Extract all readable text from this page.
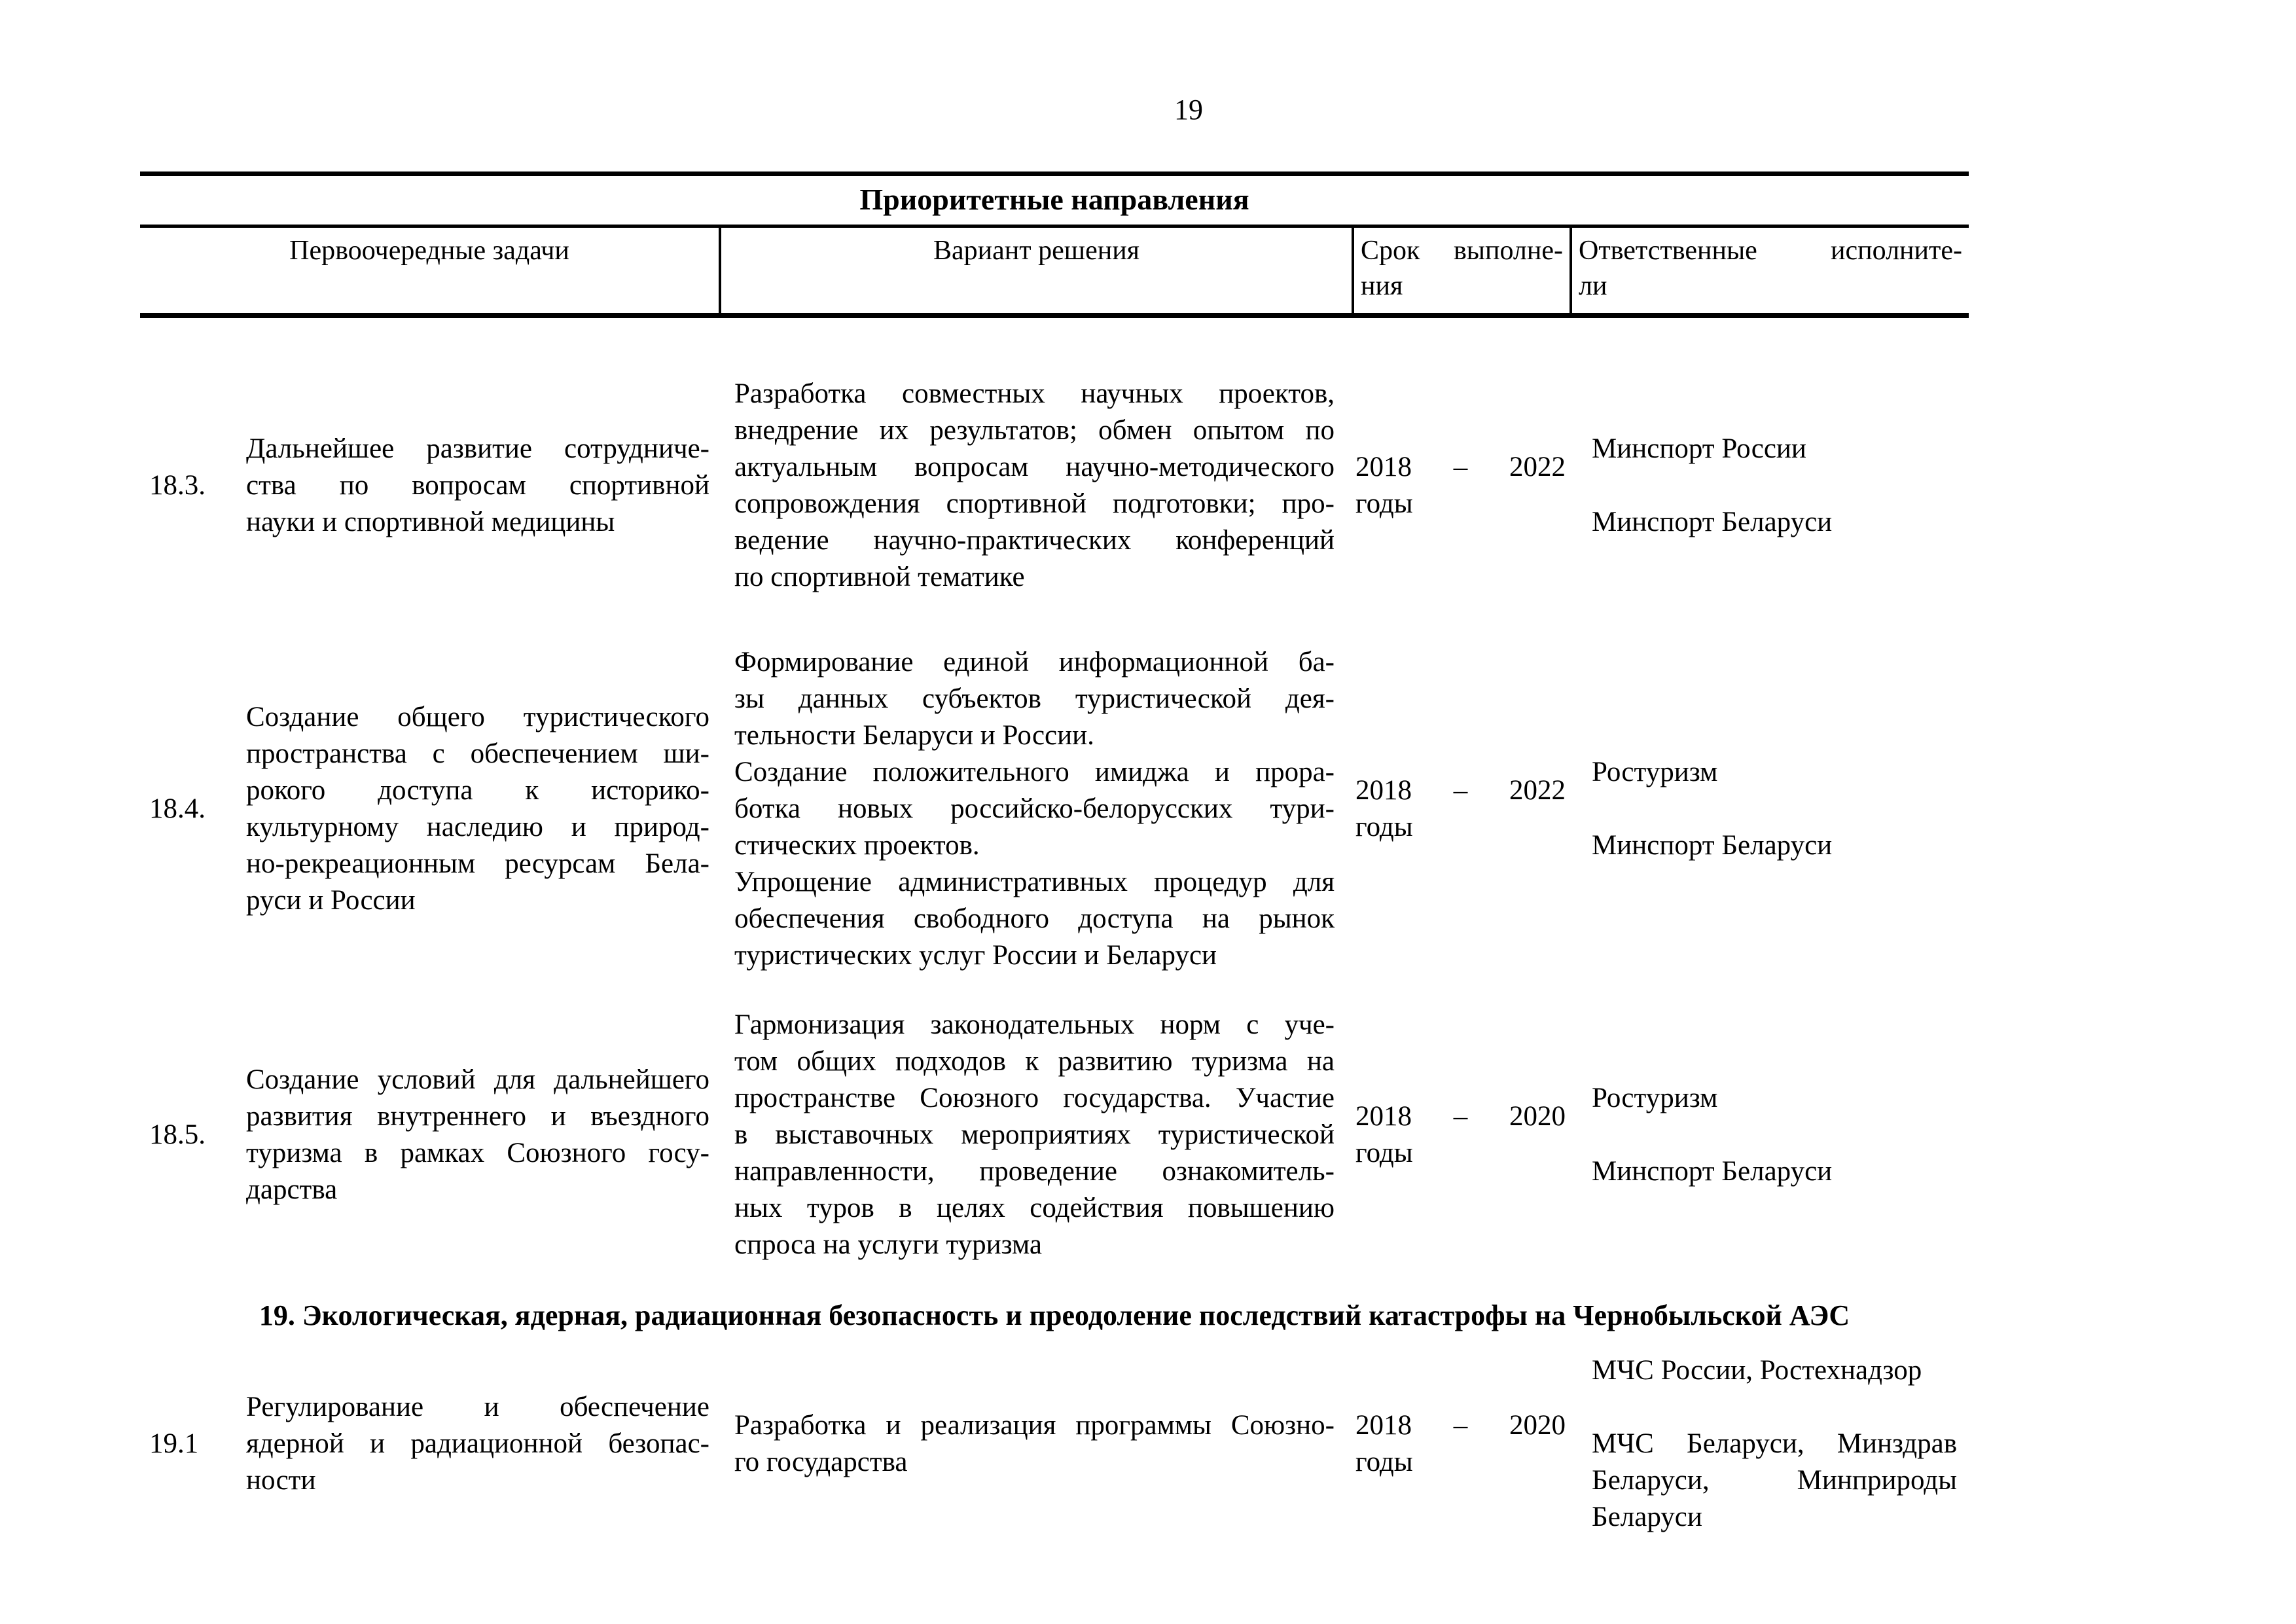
19
Приоритетные направления
Первоочередные задачи	Вариант решения	Срок выполне-
ния
Ответственные исполните-
ли
18.3.
Дальнейшее развитие сотрудниче-
ства по вопросам спортивной
науки и спортивной медицины
Разработка совместных научных проектов,
внедрение их результатов; обмен опытом по
актуальным вопросам научно-методического
сопровождения спортивной подготовки; про-
ведение научно-практических конференций
по спортивной тематике
2018 – 2022
годы
Минспорт России
Минспорт Беларуси
18.4.
Создание общего туристического
пространства с обеспечением ши-
рокого доступа к историко-
культурному наследию и природ-
но-рекреационным ресурсам Бела-
руси и России
Формирование единой информационной ба-
зы данных субъектов туристической дея-
тельности Беларуси и России.
Создание положительного имиджа и прора-
ботка новых российско-белорусских тури-
стических проектов.
Упрощение административных процедур для
обеспечения свободного доступа на рынок
туристических услуг России и Беларуси
2018 – 2022
годы
Ростуризм
Минспорт Беларуси
18.5.
Создание условий для дальнейшего
развития внутреннего и въездного
туризма в рамках Союзного госу-
дарства
Гармонизация законодательных норм с уче-
том общих подходов к развитию туризма на
пространстве Союзного государства. Участие
в выставочных мероприятиях туристической
направленности, проведение ознакомитель-
ных туров в целях содействия повышению
спроса на услуги туризма
2018 – 2020
годы
Ростуризм
Минспорт Беларуси
19. Экологическая, ядерная, радиационная безопасность и преодоление последствий катастрофы на Чернобыльской АЭС
19.1
Регулирование и обеспечение
ядерной и радиационной безопас-
ности
Разработка и реализация программы Союзно-
го государства
2018 – 2020
годы
МЧС России, Ростехнадзор
МЧС Беларуси, Минздрав
Беларуси, Минприроды
Беларуси
